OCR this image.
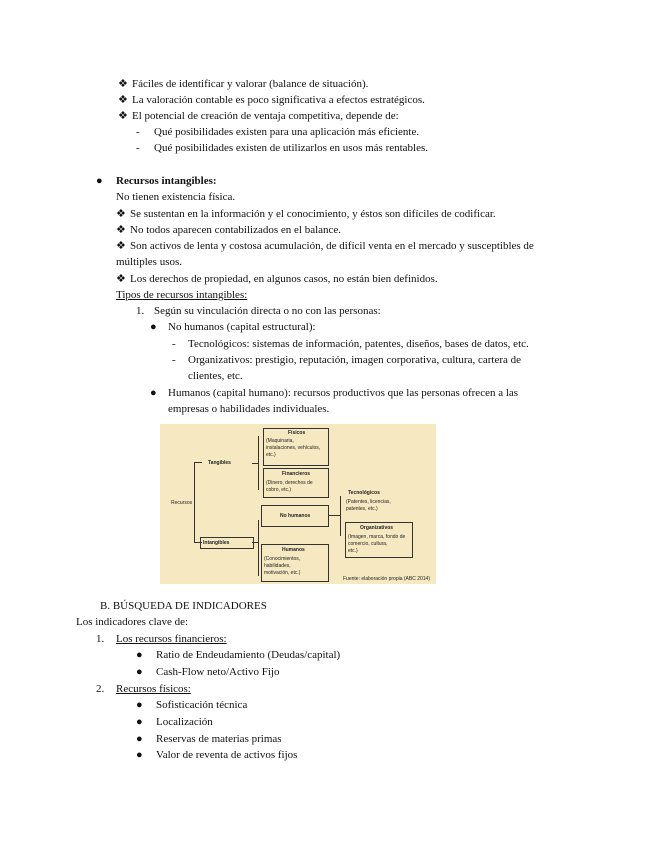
❖ Fáciles de identificar y valorar (balance de situación).
❖ La valoración contable es poco significativa a efectos estratégicos.
❖ El potencial de creación de ventaja competitiva, depende de:
- Qué posibilidades existen para una aplicación más eficiente.
- Qué posibilidades existen de utilizarlos en usos más rentables.
● Recursos intangibles:
No tienen existencia física.
❖ Se sustentan en la información y el conocimiento, y éstos son difíciles de codificar.
❖ No todos aparecen contabilizados en el balance.
❖ Son activos de lenta y costosa acumulación, de difícil venta en el mercado y susceptibles de
múltiples usos.
❖ Los derechos de propiedad, en algunos casos, no están bien definidos.
Tipos de recursos intangibles:
1. Según su vinculación directa o no con las personas:
● No humanos (capital estructural):
- Tecnológicos: sistemas de información, patentes, diseños, bases de datos, etc.
- Organizativos: prestigio, reputación, imagen corporativa, cultura, cartera de
clientes, etc.
● Humanos (capital humano): recursos productivos que las personas ofrecen a las
empresas o habilidades individuales.
Recursos
Tangibles
Intangibles
Físicos
(Maquinaria,
instalaciones, vehículos,
etc.)
Financieros
(Dinero, derechos de
cobro, etc.)
No humanos
Humanos
(Conocimientos,
habilidades,
motivación, etc.)
Tecnológicos
(Patentes, licencias,
patentes, etc.)
Organizativos
(Imagen, marca, fondo de
comercio, cultura,
etc.)
Fuente: elaboración propia (ABC 2014)
B. BÚSQUEDA DE INDICADORES
Los indicadores clave de:
1. Los recursos financieros:
● Ratio de Endeudamiento (Deudas/capital)
● Cash-Flow neto/Activo Fijo
2. Recursos físicos:
● Sofisticación técnica
● Localización
● Reservas de materias primas
● Valor de reventa de activos fijos
